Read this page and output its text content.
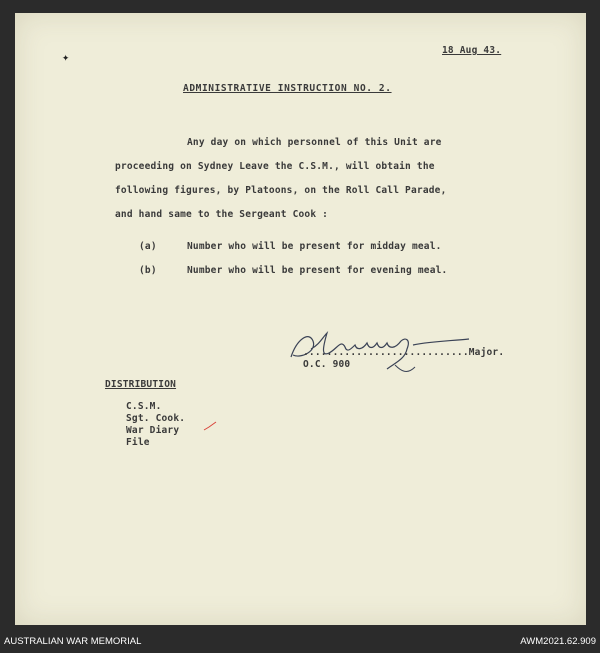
✦	18 Aug 43.
ADMINISTRATIVE INSTRUCTION NO. 2.
Any day on which personnel of this Unit are
proceeding on Sydney Leave the C.S.M., will obtain the
following figures, by Platoons, on the Roll Call Parade,
and hand same to the Sergeant Cook :
(a)	Number who will be present for midday meal.
(b)	Number who will be present for evening meal.
............................Major.
O.C. 900
DISTRIBUTION
C.S.M.
Sgt. Cook.
War Diary
File
AUSTRALIAN WAR MEMORIAL	AWM2021.62.909
